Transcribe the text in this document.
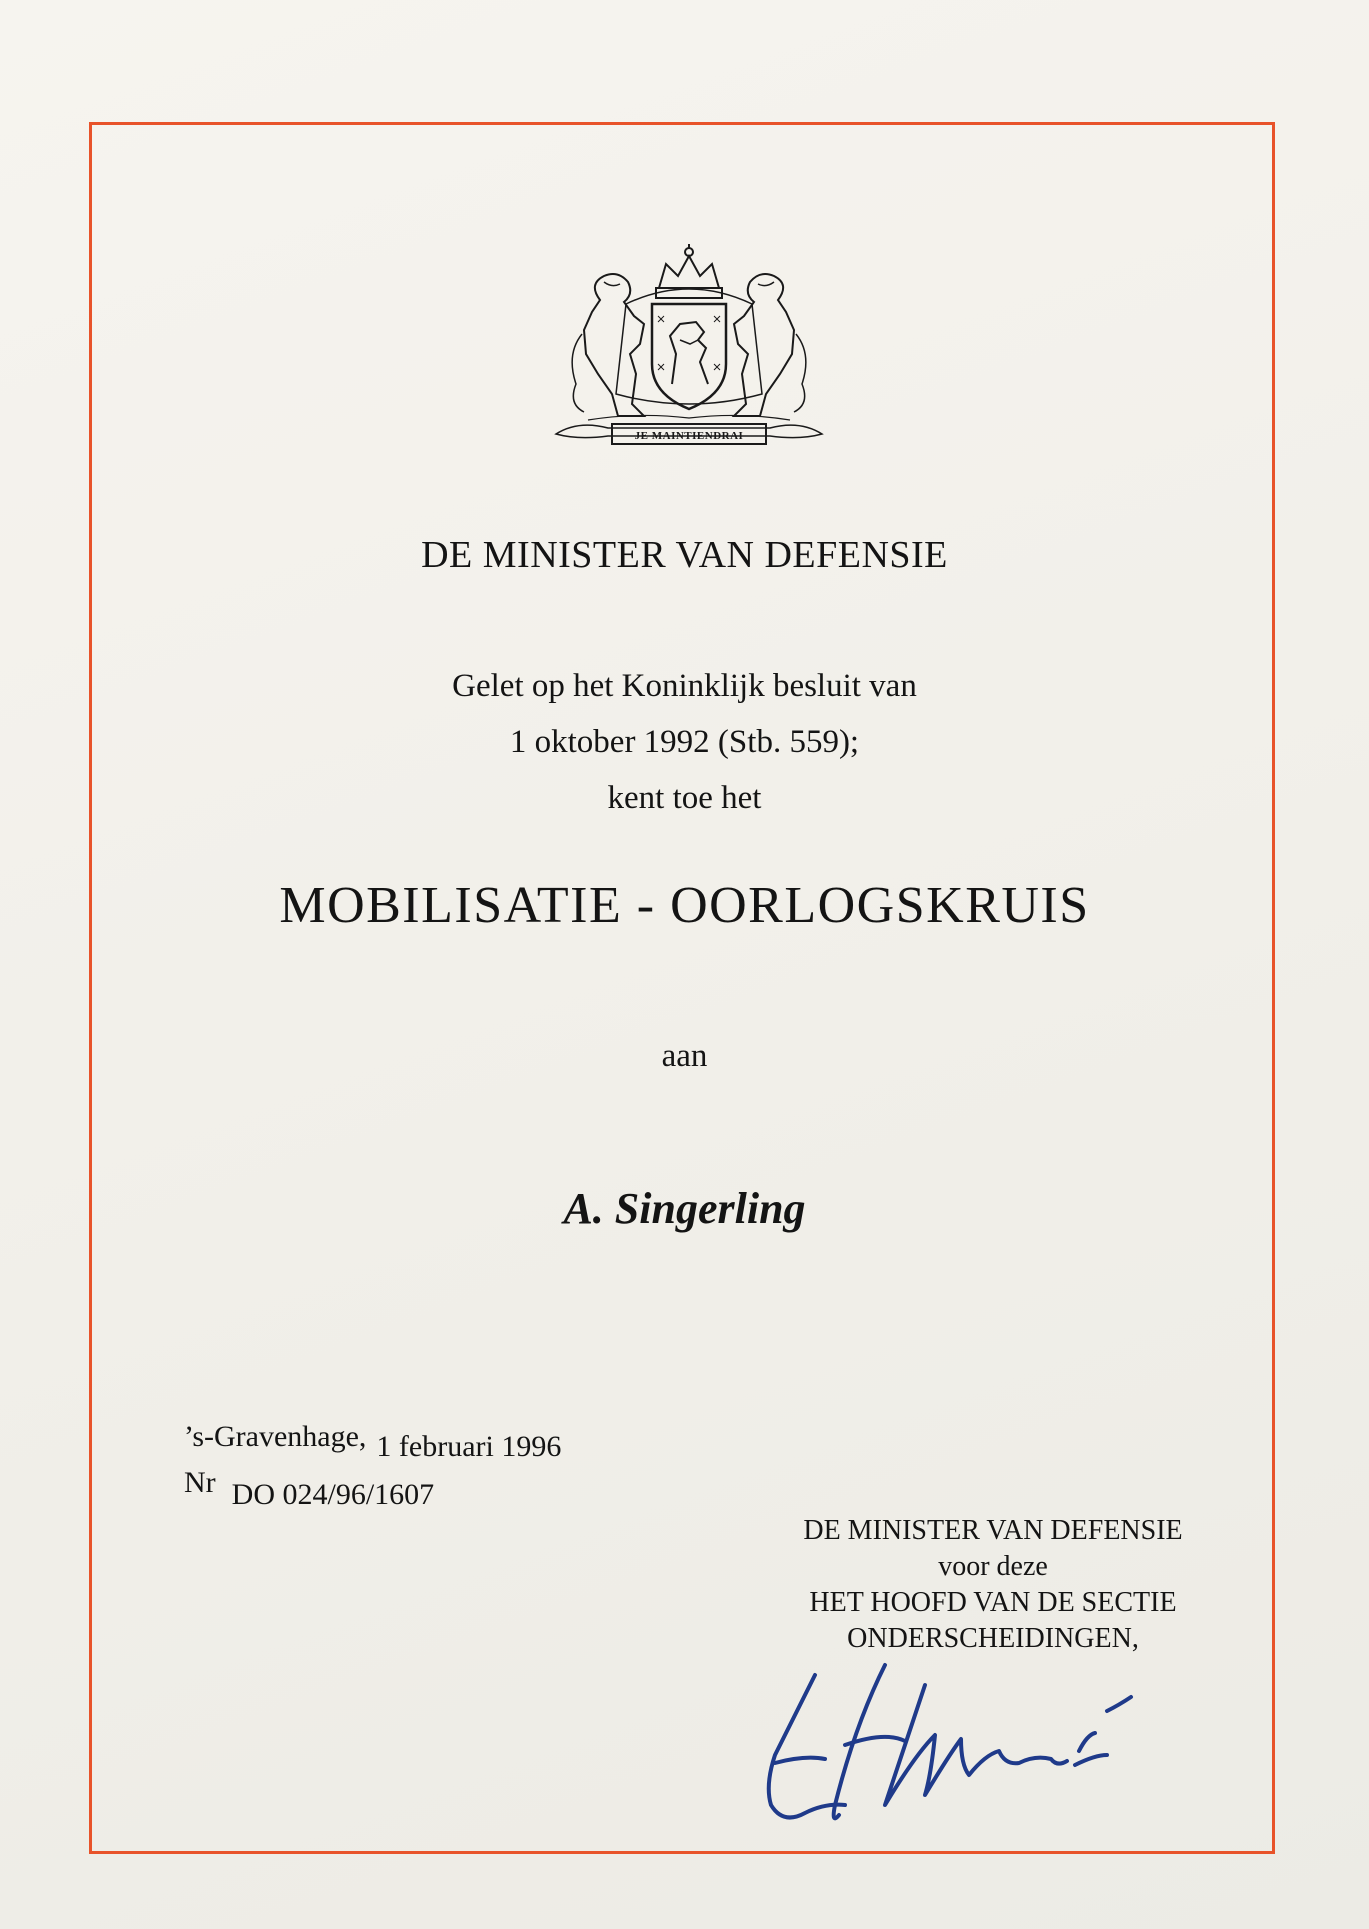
JE MAINTIENDRAI
DE MINISTER VAN DEFENSIE
Gelet op het Koninklijk besluit van
1 oktober 1992 (Stb. 559);
kent toe het
MOBILISATIE - OORLOGSKRUIS
aan
A. Singerling
’s-Gravenhage, 1 februari 1996
Nr DO 024/96/1607
DE MINISTER VAN DEFENSIE
voor deze
HET HOOFD VAN DE SECTIE
ONDERSCHEIDINGEN,
